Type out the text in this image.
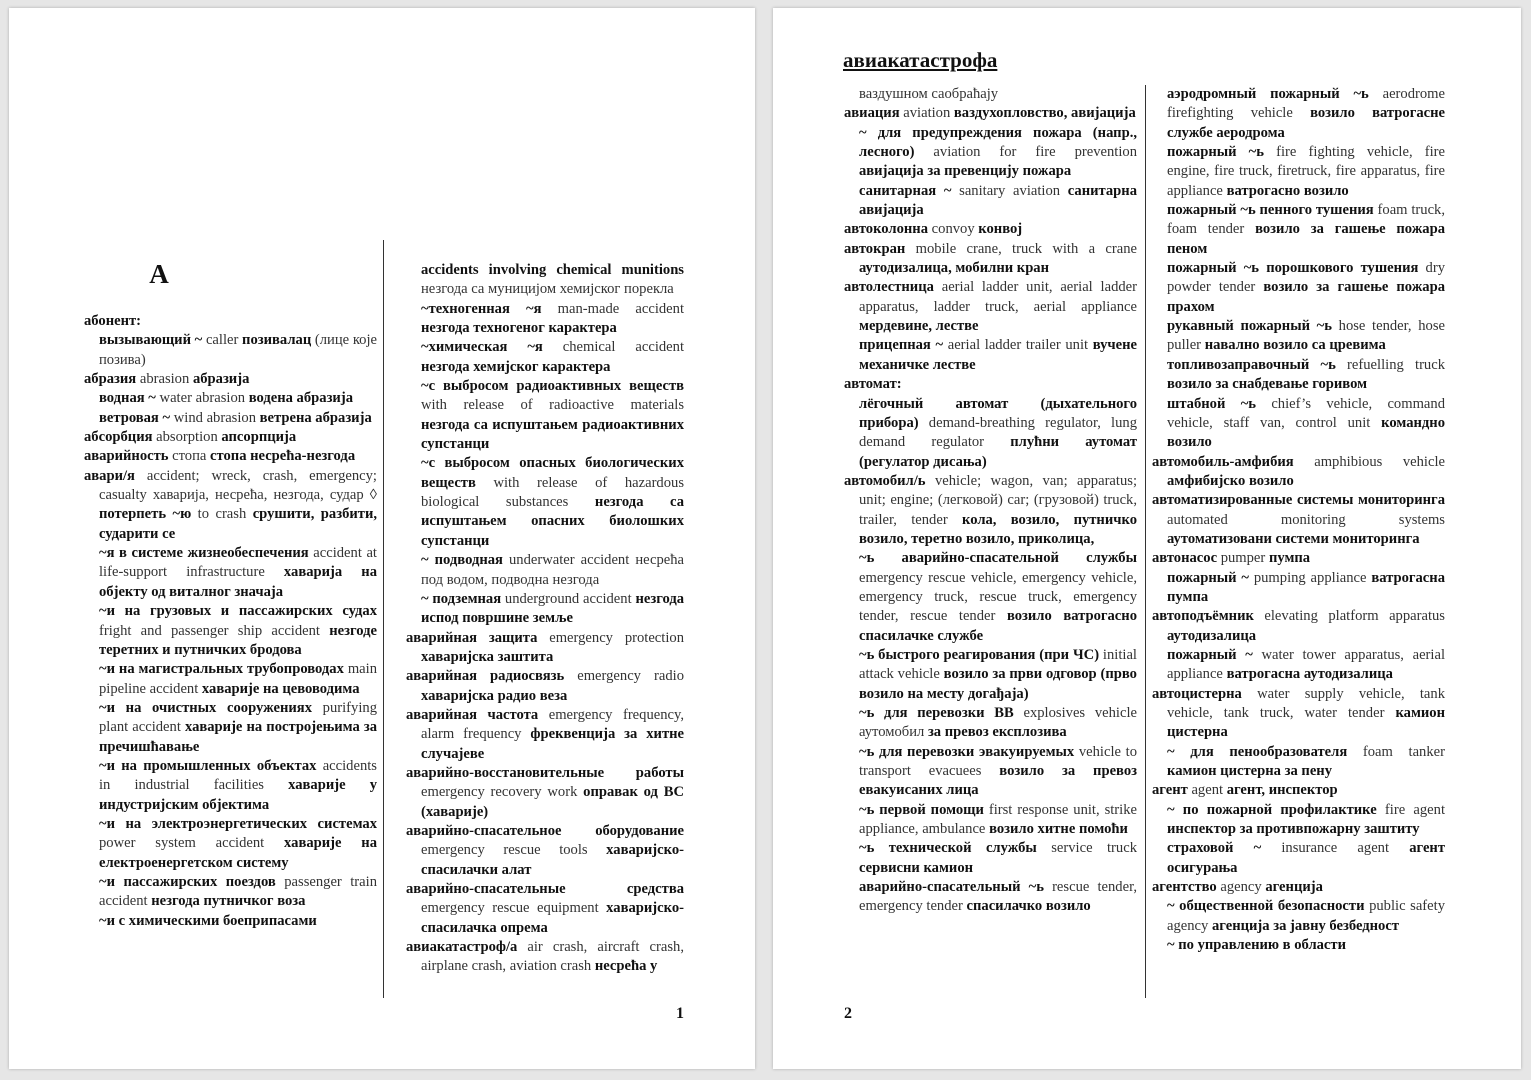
A

абонент:

вызывающий ~ caller позивалац (лице које позива)

абразия abrasion абразија

водная ~ water abrasion водена абразија

ветровая ~ wind abrasion ветрена абразија

абсорбция absorption апсорпција

аварийность стопа стопа несрећа-незгода

авари/я accident; wreck, crash, emergency; casualty хаварија, несрећа, незгода, судар ◊ потерпеть ~ю to crash срушити, разбити, сударити се

~я в системе жизнеобеспечения accident at life-support infrastructure хаварија на објекту од виталног значаја

~и на грузовых и пассажирских судах fright and passenger ship accident незгоде теретних и путничких бродова

~и на магистральных трубопроводах main pipeline accident хаваријe на цевоводима

~и на очистных сооружениях purifying plant accident хаваријe на постројењима за пречишћавање

~и на промышленных объектах accidents in industrial facilities хаваријe у индустријским објектима

~и на электроэнергетических системах power system accident хаварије на електроенергетском систему

~и пассажирских поездов passenger train accident незгода путничког воза

~и с химическими боеприпасами

accidents involving chemical munitions незгода са муницијом хемијског порекла

~техногенная ~я man-made accident незгода техногеног карактера

~химическая ~я chemical accident незгода хемијског карактера

~с выбросом радиоактивных веществ with release of radioactive materials незгода са испуштањем радиоактивних супстанци

~с выбросом опасных биологических веществ with release of hazardous biological substances незгода са испуштањем опасних биолошких супстанци

~ подводная underwater accident несрећа под водом, подводна незгода

~ подземная underground accident незгода испод површине земље

аварийная защита emergency protection хаваријска заштита

аварийная радиосвязь emergency radio хаваријска радио веза

аварийная частота emergency frequency, alarm frequency фреквенција за хитне случајеве

аварийно-восстановительные работы emergency recovery work оправак од ВС (хаварије)

аварийно-спасательное оборудование emergency rescue tools хаваријско-спасилачки алат

аварийно-спасательные средства emergency rescue equipment хаваријско-спасилачка опрема

авиакатастроф/а air crash, aircraft crash, airplane crash, aviation crash несрећа у

1
авиакатастрофа

ваздушном саобраћају

авиация aviation ваздухопловство, авијација

~ для предупреждения пожара (напр., лесного) aviation for fire prevention авијација за превенцију пожара

санитарная ~ sanitary aviation санитарна авијација

автоколонна convoy конвој

автокран mobile crane, truck with a crane аутодизалица, мобилни кран

автолестница aerial ladder unit, aerial ladder apparatus, ladder truck, aerial appliance мердевине, лестве

прицепная ~ aerial ladder trailer unit вучене механичке лестве

автомат:

лёгочный автомат (дыхательного прибора) demand-breathing regulator, lung demand regulator плућни аутомат (регулатор дисања)

автомобил/ь vehicle; wagon, van; apparatus; unit; engine; (легковой) car; (грузовой) truck, trailer, tender кола, возило, путничко возило, теретно возило, приколица,

~ь аварийно-спасательной службы emergency rescue vehicle, emergency vehicle, emergency truck, rescue truck, emergency tender, rescue tender возило ватрогасно спасилачке службе

~ь быстрого реагирования (при ЧС) initial attack vehicle возило за први одговор (прво возило на месту догађаја)

~ь для перевозки ВВ explosives vehicle аутомобил за превоз експлозива

~ь для перевозки эвакуируемых vehicle to transport evacuees возило за превоз евакуисаних лица

~ь первой помощи first response unit, strike appliance, ambulance возило хитне помоћи

~ь технической службы service truck сервисни камион

аварийно-спасательный ~ь rescue tender, emergency tender спасилачко возило

аэродромный пожарный ~ь aerodrome firefighting vehicle возило ватрогасне службе аеродрома

пожарный ~ь fire fighting vehicle, fire engine, fire truck, firetruck, fire apparatus, fire appliance ватрогасно возило

пожарный ~ь пенного тушения foam truck, foam tender возило за гашење пожара пеном

пожарный ~ь порошкового тушения dry powder tender возило за гашење пожара прахом

рукавный пожарный ~ь hose tender, hose puller навално возило са цревима

топливозаправочный ~ь refuelling truck возило за снабдевање горивом

штабной ~ь chief’s vehicle, command vehicle, staff van, control unit командно возило

автомобиль-амфибия amphibious vehicle амфибијско возило

автоматизированные системы мониторинга automated monitoring systems аутоматизовани системи мониторинга

автонасос pumper пумпа

пожарный ~ pumping appliance ватрогасна пумпа

автоподъёмник elevating platform apparatus аутодизалица

пожарный ~ water tower apparatus, aerial appliance ватрогасна аутодизалица

автоцистерна water supply vehicle, tank vehicle, tank truck, water tender камион цистерна

~ для пенообразователя foam tanker камион цистерна за пену

агент agent агент, инспектор

~ по пожарной профилактике fire agent инспектор за противпожарну заштиту

страховой ~ insurance agent агент осигурања

агентство agency агенција

~ общественной безопасности public safety agency агенција за јавну безбедност

~ по управлению в области

2
